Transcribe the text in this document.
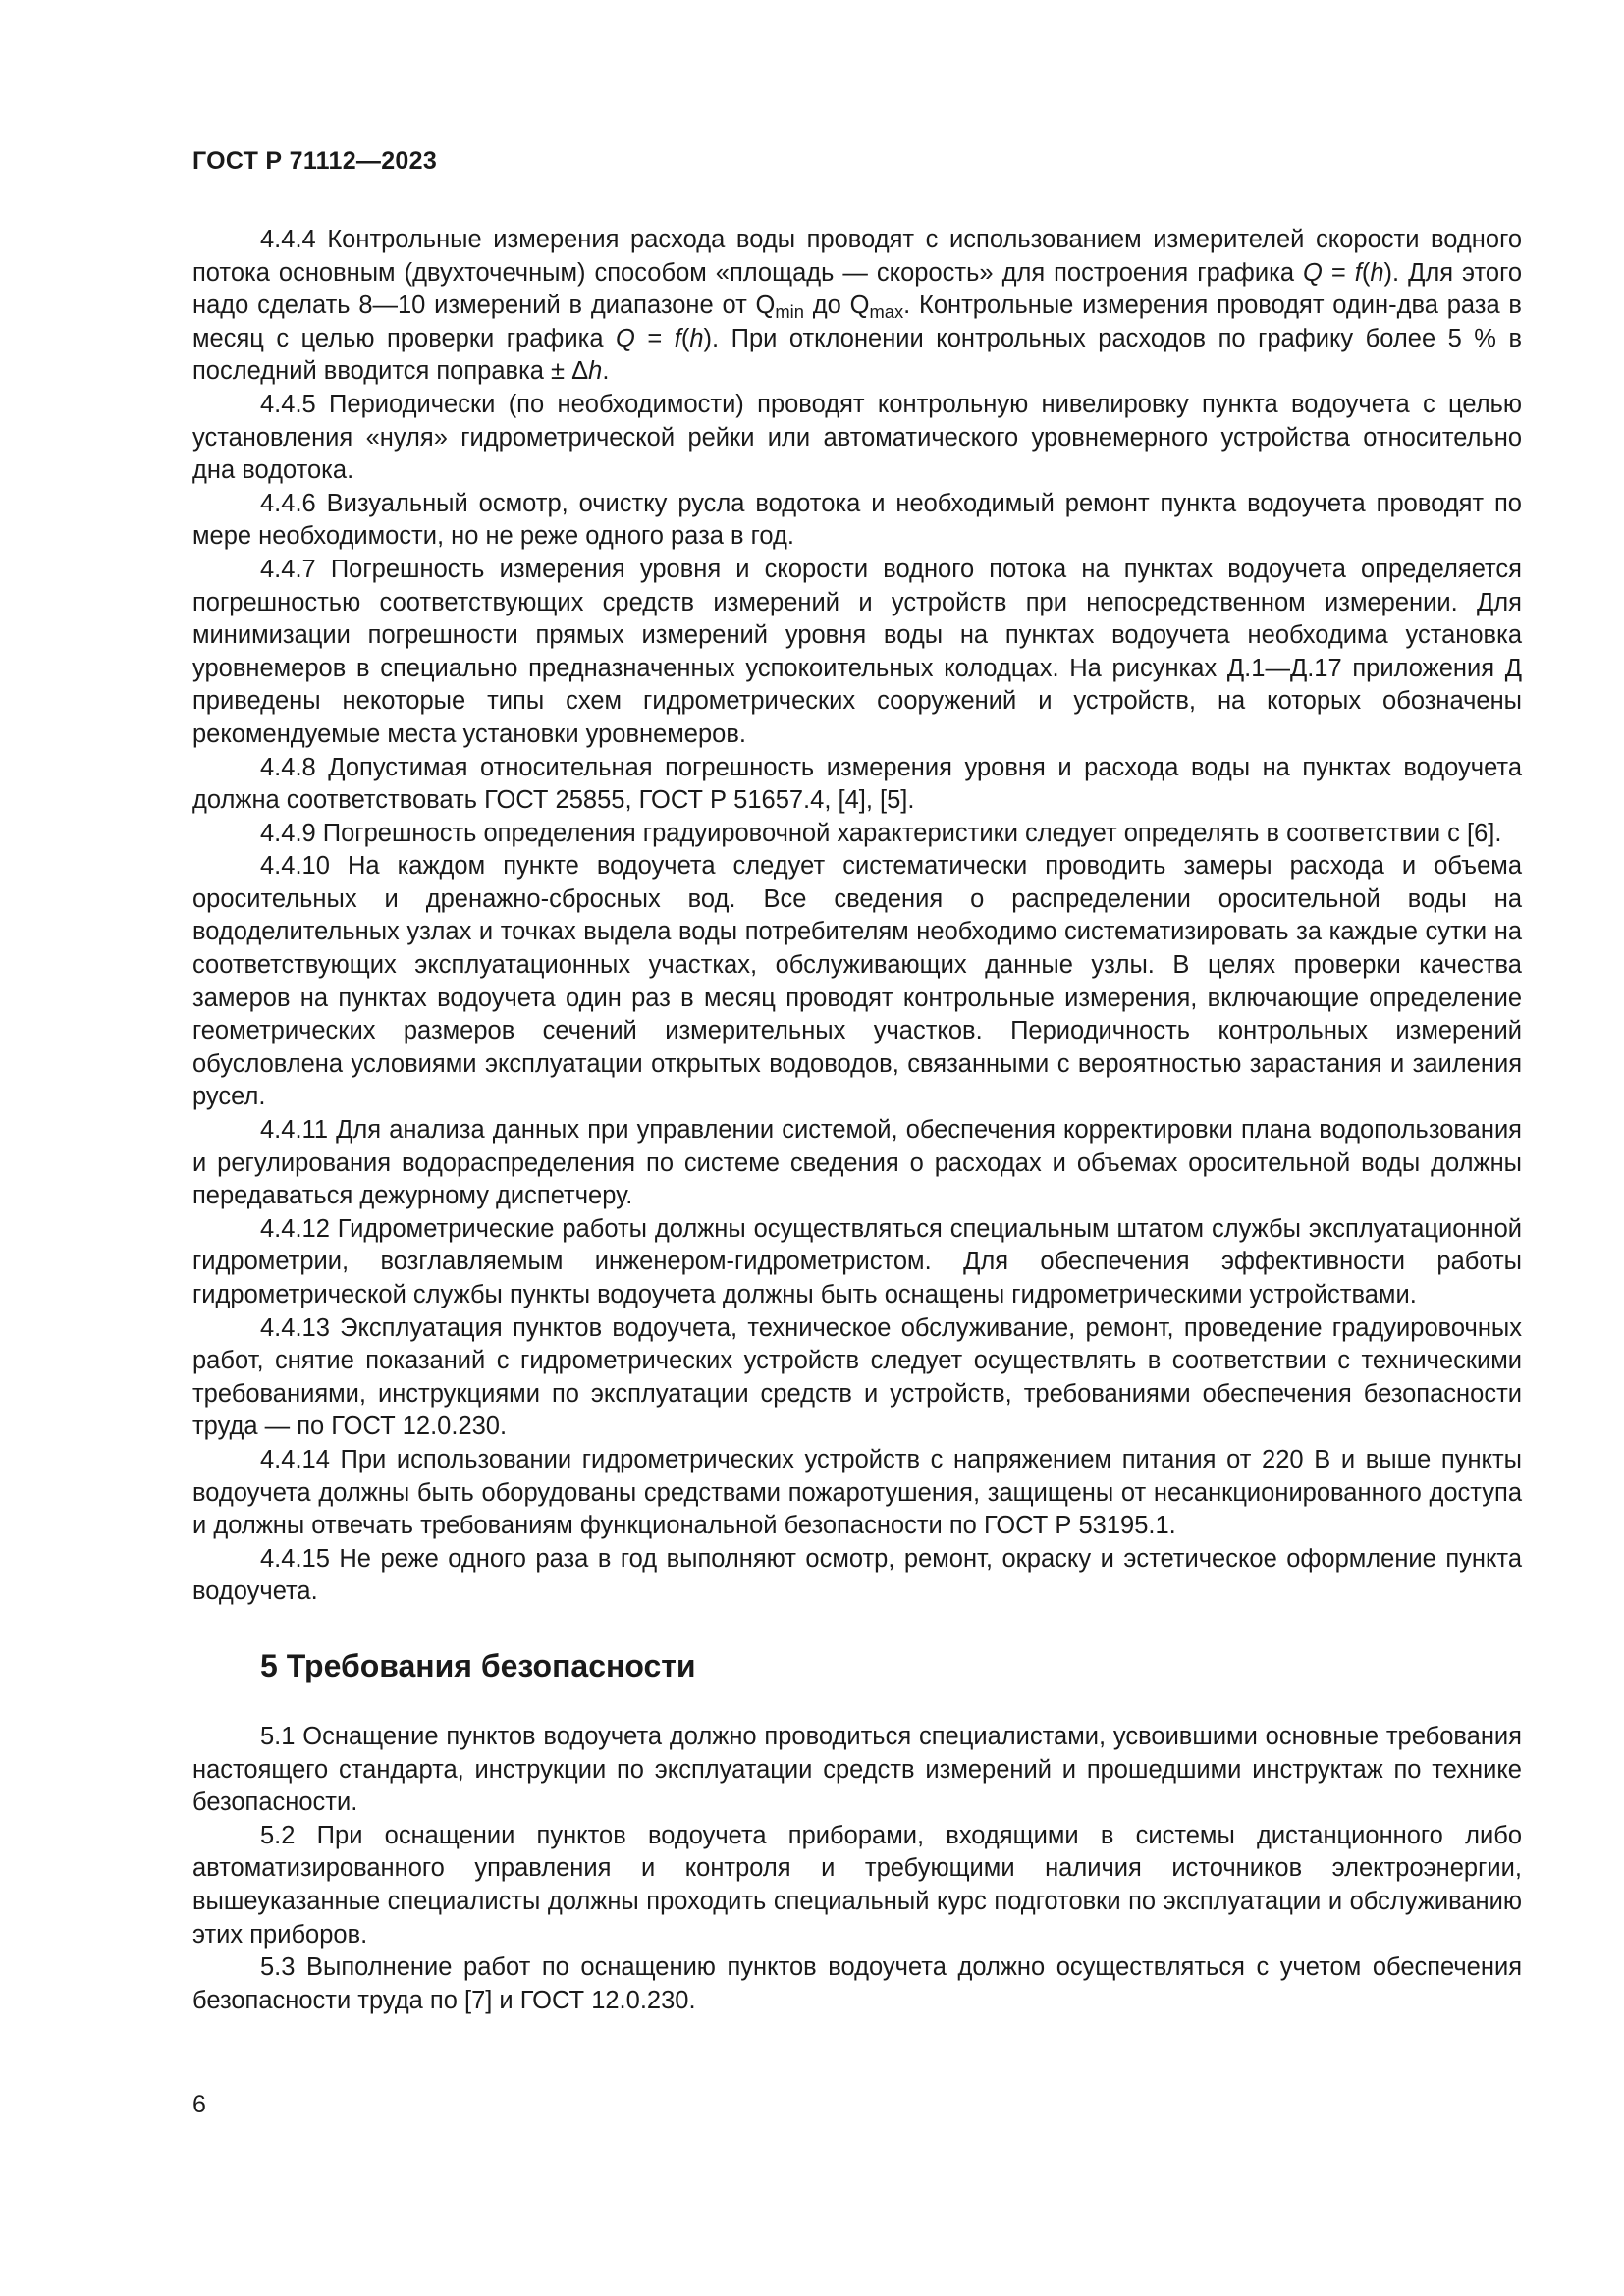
ГОСТ Р 71112—2023

4.4.4 Контрольные измерения расхода воды проводят с использованием измерителей скорости водного потока основным (двухточечным) способом «площадь — скорость» для построения графика Q = f(h). Для этого надо сделать 8—10 измерений в диапазоне от $Q_{min}$ до $Q_{max}$. Контрольные измерения проводят один-два раза в месяц с целью проверки графика Q = f(h). При отклонении контрольных расходов по графику более 5 % в последний вводится поправка ± Δh.

4.4.5 Периодически (по необходимости) проводят контрольную нивелировку пункта водоучета с целью установления «нуля» гидрометрической рейки или автоматического уровнемерного устройства относительно дна водотока.

4.4.6 Визуальный осмотр, очистку русла водотока и необходимый ремонт пункта водоучета проводят по мере необходимости, но не реже одного раза в год.

4.4.7 Погрешность измерения уровня и скорости водного потока на пунктах водоучета определяется погрешностью соответствующих средств измерений и устройств при непосредственном измерении. Для минимизации погрешности прямых измерений уровня воды на пунктах водоучета необходима установка уровнемеров в специально предназначенных успокоительных колодцах. На рисунках Д.1—Д.17 приложения Д приведены некоторые типы схем гидрометрических сооружений и устройств, на которых обозначены рекомендуемые места установки уровнемеров.

4.4.8 Допустимая относительная погрешность измерения уровня и расхода воды на пунктах водоучета должна соответствовать ГОСТ 25855, ГОСТ Р 51657.4, [4], [5].

4.4.9 Погрешность определения градуировочной характеристики следует определять в соответствии с [6].

4.4.10 На каждом пункте водоучета следует систематически проводить замеры расхода и объема оросительных и дренажно-сбросных вод. Все сведения о распределении оросительной воды на вододелительных узлах и точках выдела воды потребителям необходимо систематизировать за каждые сутки на соответствующих эксплуатационных участках, обслуживающих данные узлы. В целях проверки качества замеров на пунктах водоучета один раз в месяц проводят контрольные измерения, включающие определение геометрических размеров сечений измерительных участков. Периодичность контрольных измерений обусловлена условиями эксплуатации открытых водоводов, связанными с вероятностью зарастания и заиления русел.

4.4.11 Для анализа данных при управлении системой, обеспечения корректировки плана водопользования и регулирования водораспределения по системе сведения о расходах и объемах оросительной воды должны передаваться дежурному диспетчеру.

4.4.12 Гидрометрические работы должны осуществляться специальным штатом службы эксплуатационной гидрометрии, возглавляемым инженером-гидрометристом. Для обеспечения эффективности работы гидрометрической службы пункты водоучета должны быть оснащены гидрометрическими устройствами.

4.4.13 Эксплуатация пунктов водоучета, техническое обслуживание, ремонт, проведение градуировочных работ, снятие показаний с гидрометрических устройств следует осуществлять в соответствии с техническими требованиями, инструкциями по эксплуатации средств и устройств, требованиями обеспечения безопасности труда — по ГОСТ 12.0.230.

4.4.14 При использовании гидрометрических устройств с напряжением питания от 220 В и выше пункты водоучета должны быть оборудованы средствами пожаротушения, защищены от несанкционированного доступа и должны отвечать требованиям функциональной безопасности по ГОСТ Р 53195.1.

4.4.15 Не реже одного раза в год выполняют осмотр, ремонт, окраску и эстетическое оформление пункта водоучета.

5 Требования безопасности

5.1 Оснащение пунктов водоучета должно проводиться специалистами, усвоившими основные требования настоящего стандарта, инструкции по эксплуатации средств измерений и прошедшими инструктаж по технике безопасности.

5.2 При оснащении пунктов водоучета приборами, входящими в системы дистанционного либо автоматизированного управления и контроля и требующими наличия источников электроэнергии, вышеуказанные специалисты должны проходить специальный курс подготовки по эксплуатации и обслуживанию этих приборов.

5.3 Выполнение работ по оснащению пунктов водоучета должно осуществляться с учетом обеспечения безопасности труда по [7] и ГОСТ 12.0.230.

6
